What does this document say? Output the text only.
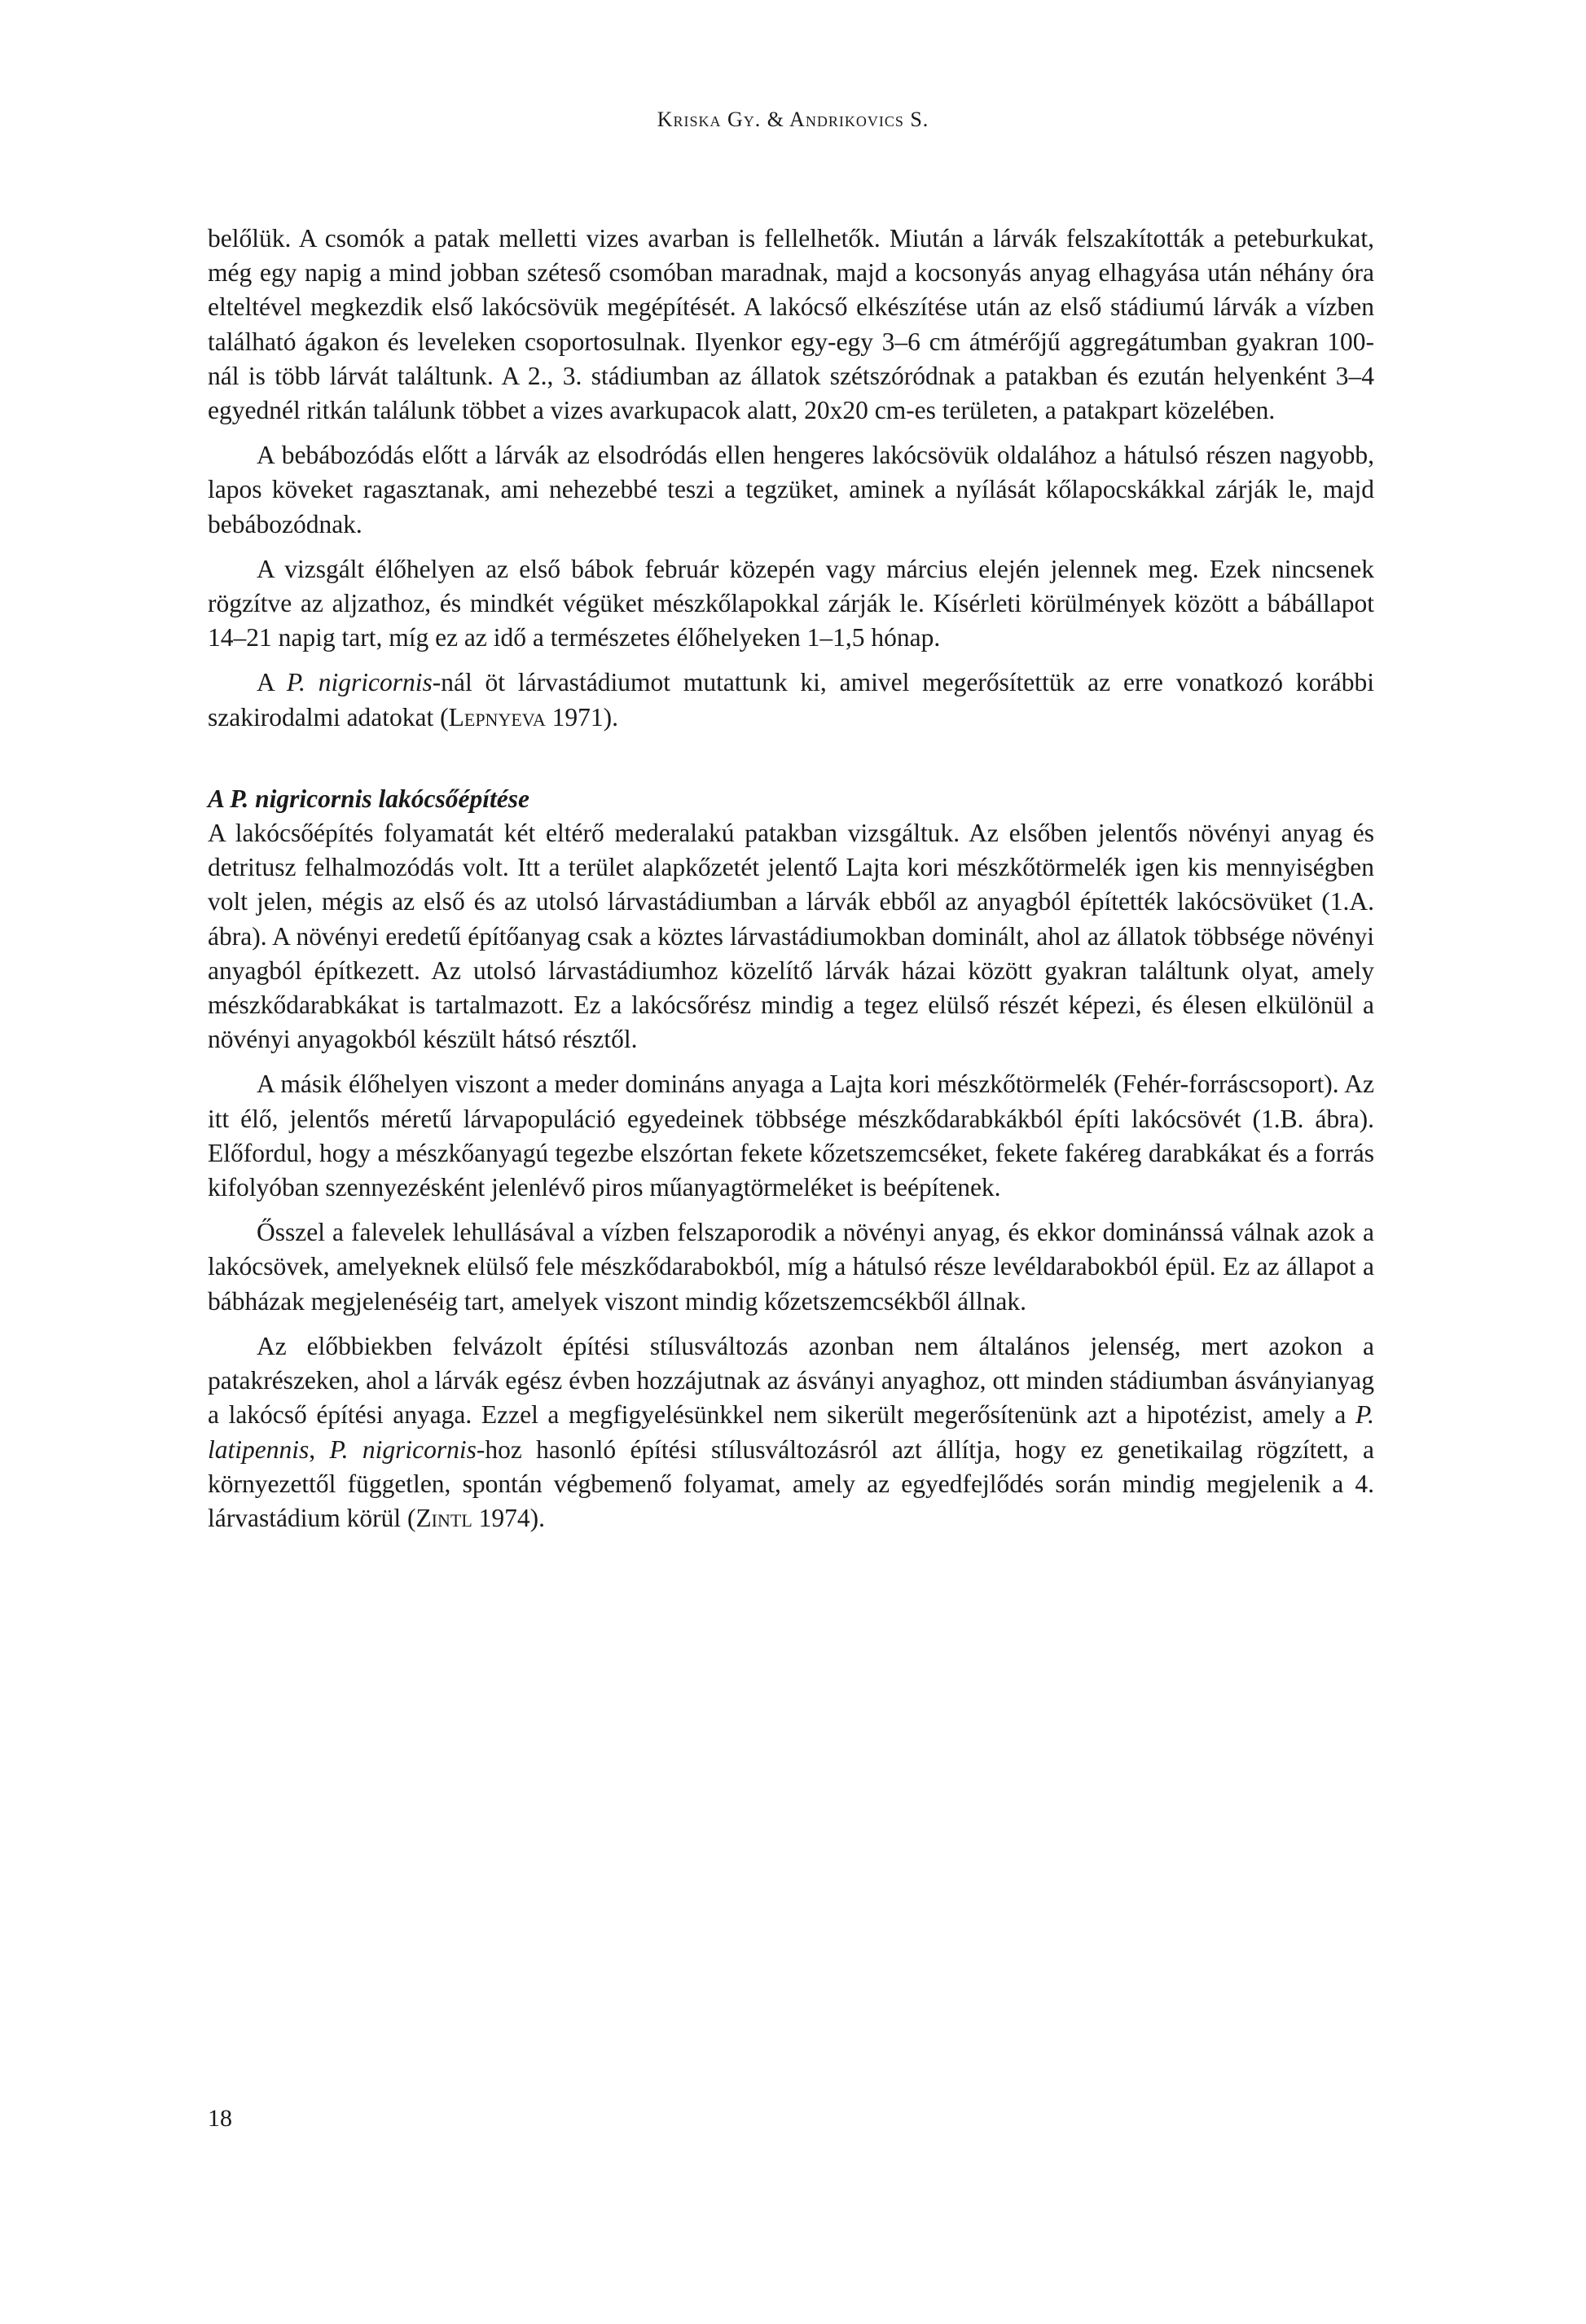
Kriska Gy. & Andrikovics S.

belőlük. A csomók a patak melletti vizes avarban is fellelhetők. Miután a lárvák felszakították a peteburkukat, még egy napig a mind jobban széteső csomóban maradnak, majd a kocsonyás anyag elhagyása után néhány óra elteltével megkezdik első lakócsövük megépítését. A lakócső elkészítése után az első stádiumú lárvák a vízben található ágakon és leveleken csoportosulnak. Ilyenkor egy-egy 3–6 cm átmérőjű aggregátumban gyakran 100-nál is több lárvát találtunk. A 2., 3. stádiumban az állatok szétszóródnak a patakban és ezután helyenként 3–4 egyednél ritkán találunk többet a vizes avarkupacok alatt, 20x20 cm-es területen, a patakpart közelében.

A bebábozódás előtt a lárvák az elsodródás ellen hengeres lakócsövük oldalához a hátulsó részen nagyobb, lapos köveket ragasztanak, ami nehezebbé teszi a tegzüket, aminek a nyílását kőlapocskákkal zárják le, majd bebábozódnak.

A vizsgált élőhelyen az első bábok február közepén vagy március elején jelennek meg. Ezek nincsenek rögzítve az aljzathoz, és mindkét végüket mészkőlapokkal zárják le. Kísérleti körülmények között a bábállapot 14–21 napig tart, míg ez az idő a természetes élőhelyeken 1–1,5 hónap.

A P. nigricornis-nál öt lárvastádiumot mutattunk ki, amivel megerősítettük az erre vonatkozó korábbi szakirodalmi adatokat (Lepnyeva 1971).

A P. nigricornis lakócsőépítése

A lakócsőépítés folyamatát két eltérő mederalakú patakban vizsgáltuk. Az elsőben jelentős növényi anyag és detritusz felhalmozódás volt. Itt a terület alapkőzetét jelentő Lajta kori mészkőtörmelék igen kis mennyiségben volt jelen, mégis az első és az utolsó lárvastádiumban a lárvák ebből az anyagból építették lakócsövüket (1.A. ábra). A növényi eredetű építőanyag csak a köztes lárvastádiumokban dominált, ahol az állatok többsége növényi anyagból építkezett. Az utolsó lárvastádiumhoz közelítő lárvák házai között gyakran találtunk olyat, amely mészkődarabkákat is tartalmazott. Ez a lakócsőrész mindig a tegez elülső részét képezi, és élesen elkülönül a növényi anyagokból készült hátsó résztől.

A másik élőhelyen viszont a meder domináns anyaga a Lajta kori mészkőtörmelék (Fehér-forráscsoport). Az itt élő, jelentős méretű lárvapopuláció egyedeinek többsége mészkődarabkákból építi lakócsövét (1.B. ábra). Előfordul, hogy a mészkőanyagú tegezbe elszórtan fekete kőzetszemcséket, fekete fakéreg darabkákat és a forrás kifolyóban szennyezésként jelenlévő piros műanyagtörmeléket is beépítenek.

Ősszel a falevelek lehullásával a vízben felszaporodik a növényi anyag, és ekkor dominánssá válnak azok a lakócsövek, amelyeknek elülső fele mészkődarabokból, míg a hátulsó része levéldarabokból épül. Ez az állapot a bábházak megjelenéséig tart, amelyek viszont mindig kőzetszemcsékből állnak.

Az előbbiekben felvázolt építési stílusváltozás azonban nem általános jelenség, mert azokon a patakrészeken, ahol a lárvák egész évben hozzájutnak az ásványi anyaghoz, ott minden stádiumban ásványianyag a lakócső építési anyaga. Ezzel a megfigyelésünkkel nem sikerült megerősítenünk azt a hipotézist, amely a P. latipennis, P. nigricornis-hoz hasonló építési stílusváltozásról azt állítja, hogy ez genetikailag rögzített, a környezettől független, spontán végbemenő folyamat, amely az egyedfejlődés során mindig megjelenik a 4. lárvastádium körül (Zintl 1974).

18
